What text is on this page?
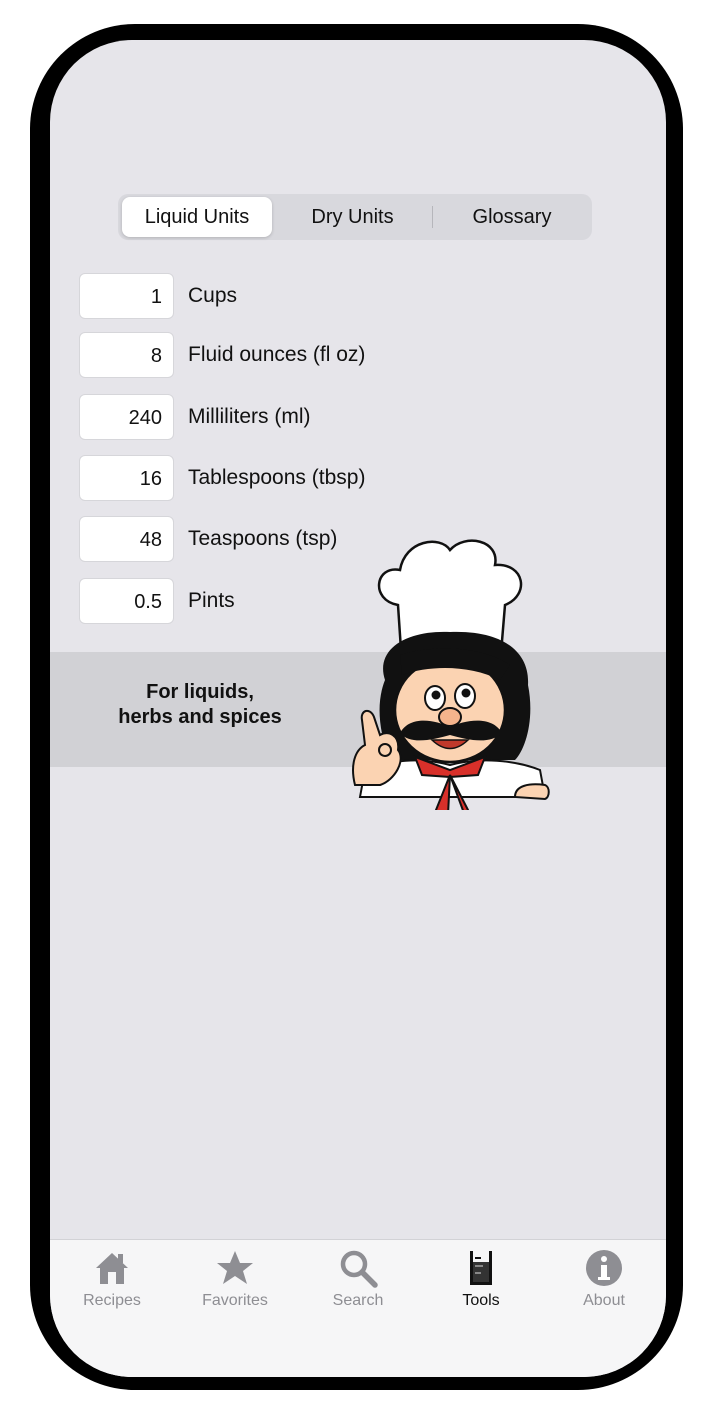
Liquid Units	Dry Units	Glossary
1	Cups
8	Fluid ounces (fl oz)
240	Milliliters (ml)
16	Tablespoons (tbsp)
48	Teaspoons (tsp)
0.5	Pints
For liquids,
herbs and spices
Recipes	Favorites	Search	Tools	About
